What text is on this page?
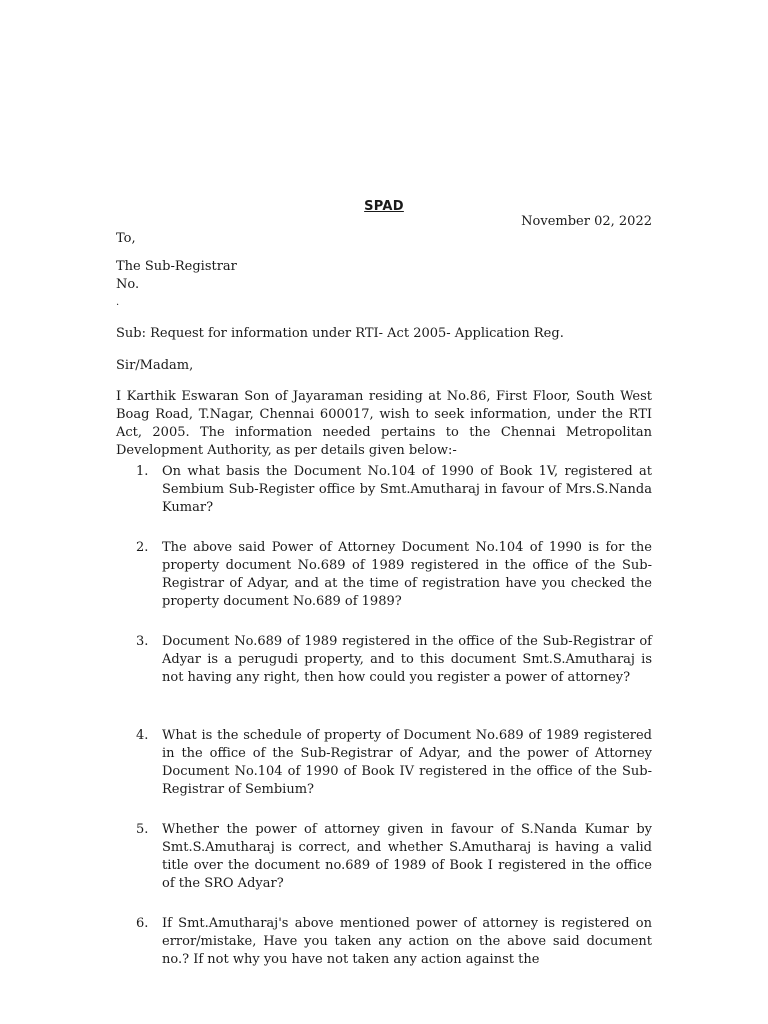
SPAD
November 02, 2022
To,
The Sub-Registrar
No.
.
Sub: Request for information under RTI- Act 2005- Application Reg.
Sir/Madam,
I Karthik Eswaran Son of Jayaraman residing at No.86, First Floor, South West Boag Road, T.Nagar, Chennai 600017, wish to seek information, under the RTI Act, 2005. The information needed pertains to the Chennai Metropolitan Development Authority, as per details given below:-
1. On what basis the Document No.104 of 1990 of Book 1V, registered at Sembium Sub-Register office by Smt.Amutharaj in favour of Mrs.S.Nanda Kumar?
2. The above said Power of Attorney Document No.104 of 1990 is for the property document No.689 of 1989 registered in the office of the Sub-Registrar of Adyar, and at the time of registration have you checked the property document No.689 of 1989?
3. Document No.689 of 1989 registered in the office of the Sub-Registrar of Adyar is a perugudi property, and to this document Smt.S.Amutharaj is not having any right, then how could you register a power of attorney?
4. What is the schedule of property of Document No.689 of 1989 registered in the office of the Sub-Registrar of Adyar, and the power of Attorney Document No.104 of 1990 of Book IV registered in the office of the Sub-Registrar of Sembium?
5. Whether the power of attorney given in favour of S.Nanda Kumar by Smt.S.Amutharaj is correct, and whether S.Amutharaj is having a valid title over the document no.689 of 1989 of Book I registered in the office of the SRO Adyar?
6. If Smt.Amutharaj's above mentioned power of attorney is registered on error/mistake, Have you taken any action on the above said document no.? If not why you have not taken any action against the
